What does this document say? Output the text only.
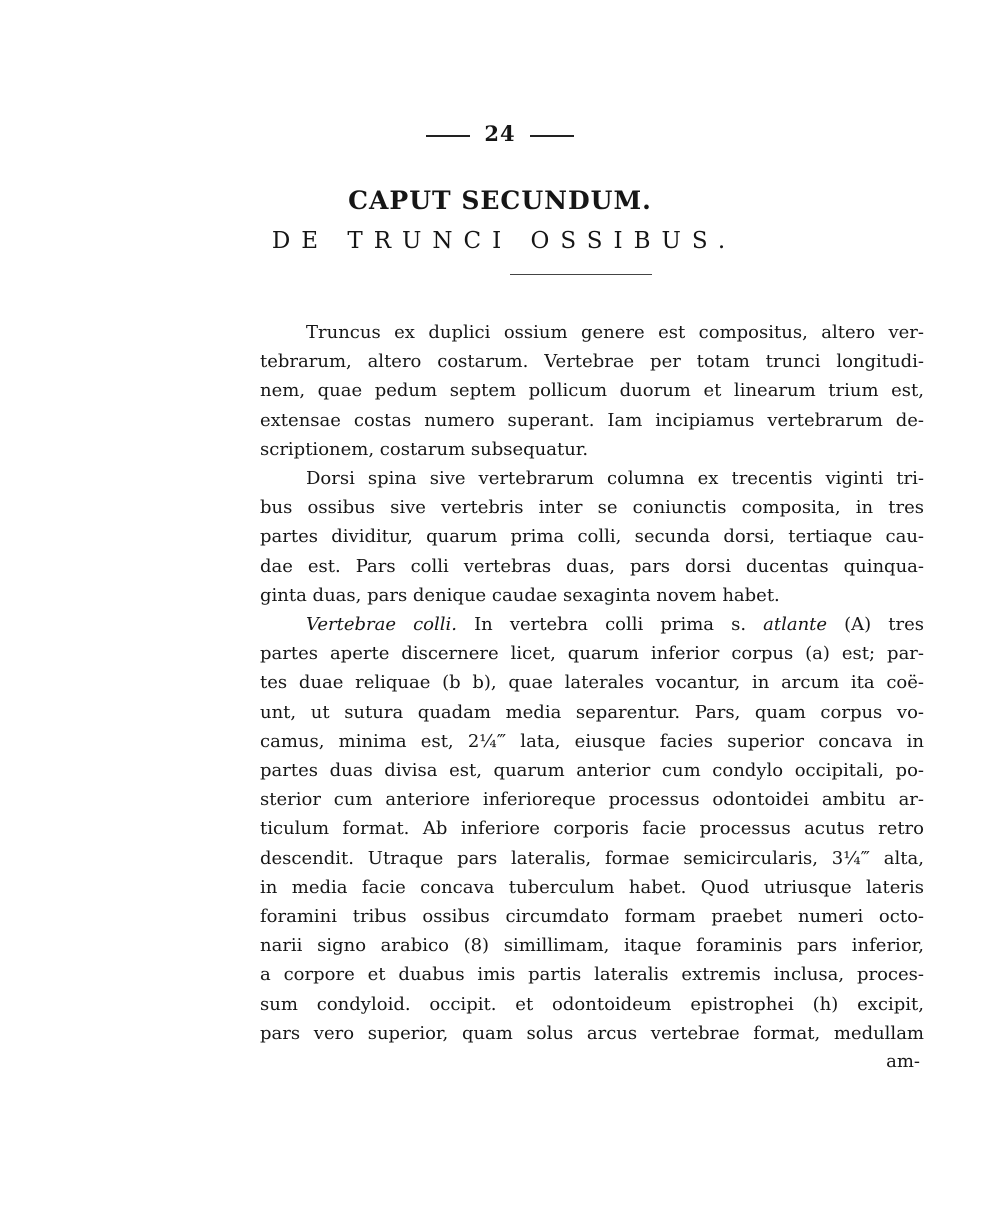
24
CAPUT SECUNDUM.
DE TRUNCI OSSIBUS.
Truncus ex duplici ossium genere est compositus, altero ver-
tebrarum, altero costarum. Vertebrae per totam trunci longitudi-
nem, quae pedum septem pollicum duorum et linearum trium est,
extensae costas numero superant. Iam incipiamus vertebrarum de-
scriptionem, costarum subsequatur.
Dorsi spina sive vertebrarum columna ex trecentis viginti tri-
bus ossibus sive vertebris inter se coniunctis composita, in tres
partes dividitur, quarum prima colli, secunda dorsi, tertiaque cau-
dae est. Pars colli vertebras duas, pars dorsi ducentas quinqua-
ginta duas, pars denique caudae sexaginta novem habet.
Vertebrae colli. In vertebra colli prima s. atlante (A) tres
partes aperte discernere licet, quarum inferior corpus (a) est; par-
tes duae reliquae (b b), quae laterales vocantur, in arcum ita coë-
unt, ut sutura quadam media separentur. Pars, quam corpus vo-
camus, minima est, 2¼‴ lata, eiusque facies superior concava in
partes duas divisa est, quarum anterior cum condylo occipitali, po-
sterior cum anteriore inferioreque processus odontoidei ambitu ar-
ticulum format. Ab inferiore corporis facie processus acutus retro
descendit. Utraque pars lateralis, formae semicircularis, 3¼‴ alta,
in media facie concava tuberculum habet. Quod utriusque lateris
foramini tribus ossibus circumdato formam praebet numeri octo-
narii signo arabico (8) simillimam, itaque foraminis pars inferior,
a corpore et duabus imis partis lateralis extremis inclusa, proces-
sum condyloid. occipit. et odontoideum epistrophei (h) excipit,
pars vero superior, quam solus arcus vertebrae format, medullam
am-
